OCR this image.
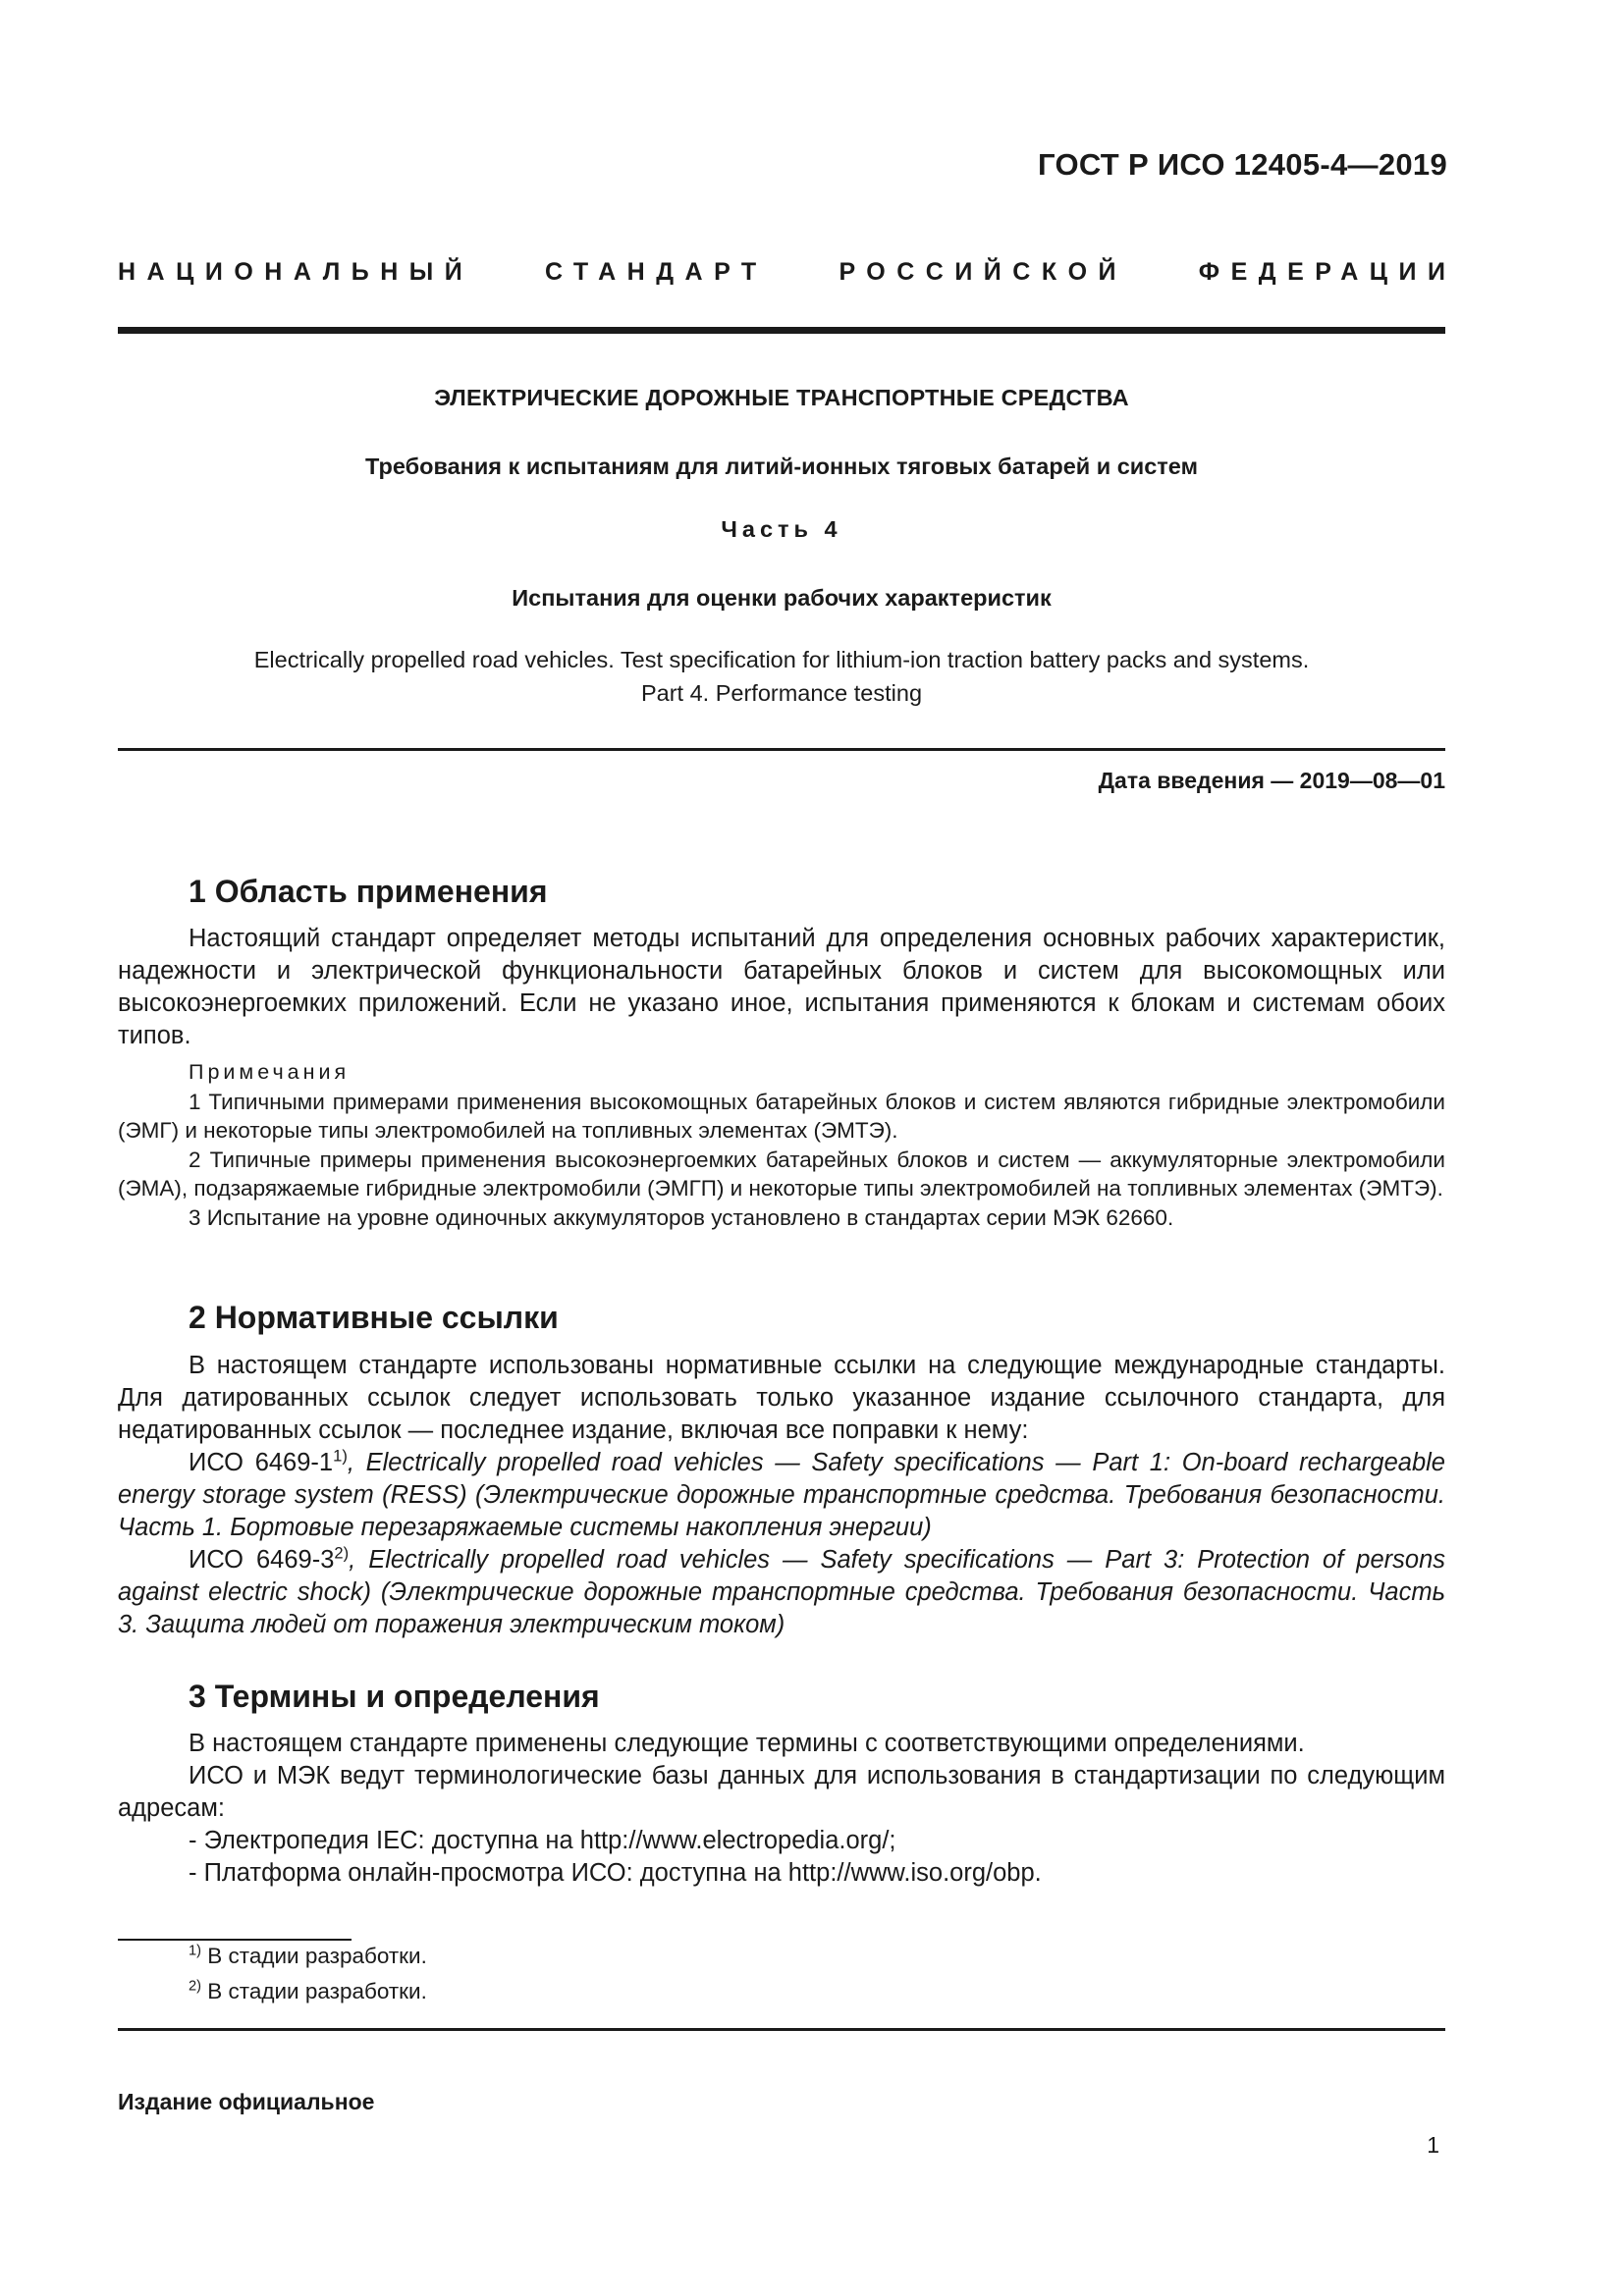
ГОСТ Р ИСО 12405-4—2019
НАЦИОНАЛЬНЫЙ	СТАНДАРТ	РОССИЙСКОЙ	ФЕДЕРАЦИИ
ЭЛЕКТРИЧЕСКИЕ ДОРОЖНЫЕ ТРАНСПОРТНЫЕ СРЕДСТВА
Требования к испытаниям для литий-ионных тяговых батарей и систем
Часть 4
Испытания для оценки рабочих характеристик
Electrically propelled road vehicles. Test specification for lithium-ion traction battery packs and systems.
Part 4. Performance testing
Дата введения — 2019—08—01
1 Область применения

Настоящий стандарт определяет методы испытаний для определения основных рабочих характеристик, надежности и электрической функциональности батарейных блоков и систем для высокомощных или высокоэнергоемких приложений. Если не указано иное, испытания применяются к блокам и системам обоих типов.

Примечания

1 Типичными примерами применения высокомощных батарейных блоков и систем являются гибридные электромобили (ЭМГ) и некоторые типы электромобилей на топливных элементах (ЭМТЭ).

2 Типичные примеры применения высокоэнергоемких батарейных блоков и систем — аккумуляторные электромобили (ЭМА), подзаряжаемые гибридные электромобили (ЭМГП) и некоторые типы электромобилей на топливных элементах (ЭМТЭ).

3 Испытание на уровне одиночных аккумуляторов установлено в стандартах серии МЭК 62660.

2 Нормативные ссылки

В настоящем стандарте использованы нормативные ссылки на следующие международные стандарты. Для датированных ссылок следует использовать только указанное издание ссылочного стандарта, для недатированных ссылок — последнее издание, включая все поправки к нему:

ИСО 6469-1$^{1)}$, Electrically propelled road vehicles — Safety specifications — Part 1: On-board rechargeable energy storage system (RESS) (Электрические дорожные транспортные средства. Требования безопасности. Часть 1. Бортовые перезаряжаемые системы накопления энергии)

ИСО 6469-3$^{2)}$, Electrically propelled road vehicles — Safety specifications — Part 3: Protection of persons against electric shock) (Электрические дорожные транспортные средства. Требования безопасности. Часть 3. Защита людей от поражения электрическим током)

3 Термины и определения

В настоящем стандарте применены следующие термины с соответствующими определениями.

ИСО и МЭК ведут терминологические базы данных для использования в стандартизации по следующим адресам:

- Электропедия IEC: доступна на http://www.electropedia.org/;
- Платформа онлайн-просмотра ИСО: доступна на http://www.iso.org/obp.
$^{1)}$ В стадии разработки.
$^{2)}$ В стадии разработки.
Издание официальное
1
